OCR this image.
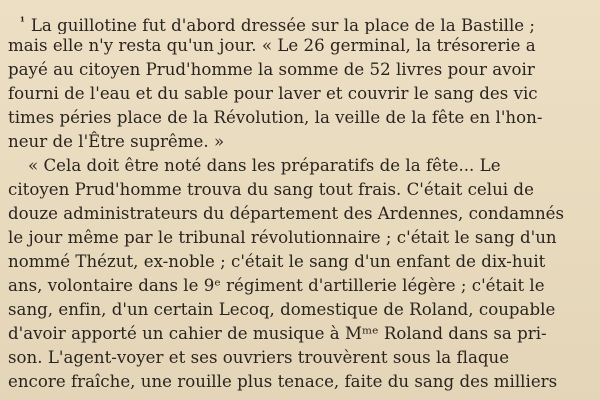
$^{^1}$ La guillotine fut d'abord dressée sur la place de la Bastille ;
mais elle n'y resta qu'un jour. « Le 26 germinal, la trésorerie a
payé au citoyen Prud'homme la somme de 52 livres pour avoir
fourni de l'eau et du sable pour laver et couvrir le sang des vic
times péries place de la Révolution, la veille de la fête en l'hon-
neur de l'Être suprême. »
« Cela doit être noté dans les préparatifs de la fête... Le
citoyen Prud'homme trouva du sang tout frais. C'était celui de
douze administrateurs du département des Ardennes, condamnés
le jour même par le tribunal révolutionnaire ; c'était le sang d'un
nommé Thézut, ex-noble ; c'était le sang d'un enfant de dix-huit
ans, volontaire dans le 9ᵉ régiment d'artillerie légère ; c'était le
sang, enfin, d'un certain Lecoq, domestique de Roland, coupable
d'avoir apporté un cahier de musique à Mᵐᵉ Roland dans sa pri-
son. L'agent-voyer et ses ouvriers trouvèrent sous la flaque
encore fraîche, une rouille plus tenace, faite du sang des milliers
